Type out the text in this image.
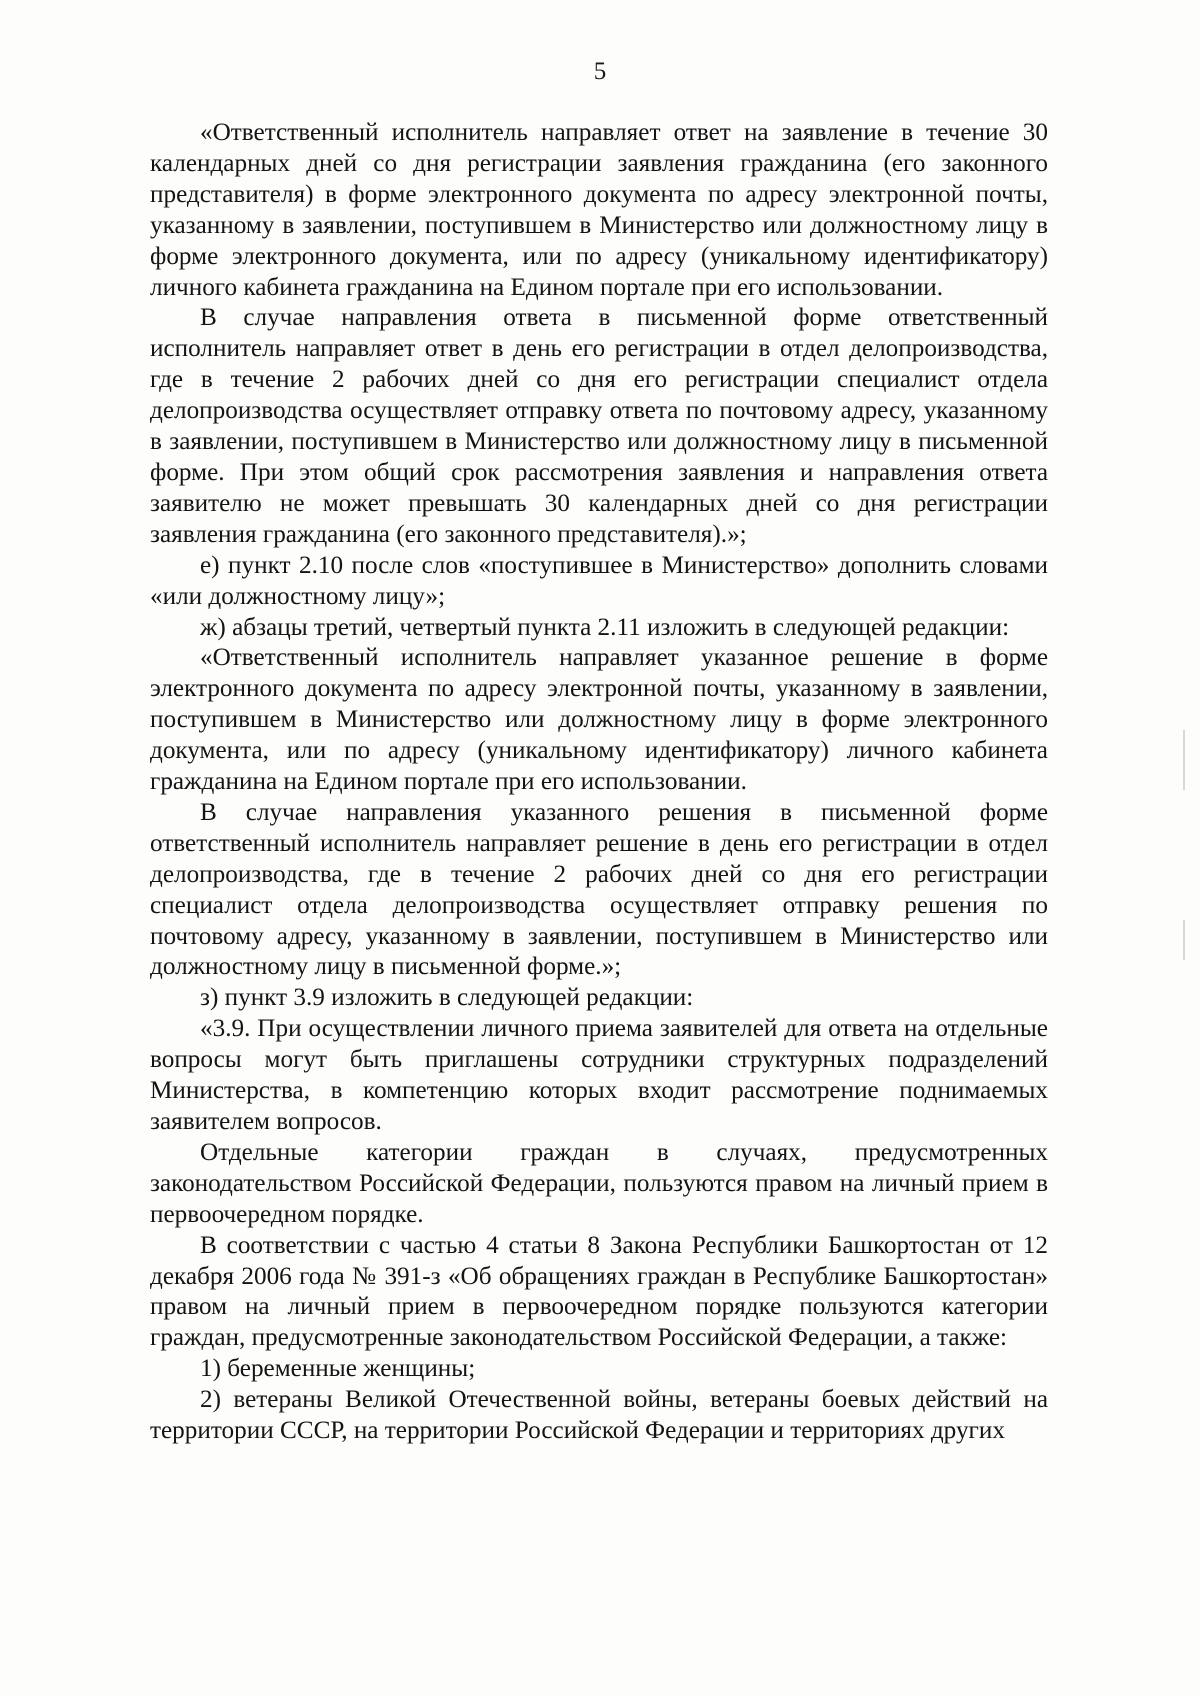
5

«Ответственный исполнитель направляет ответ на заявление в течение 30 календарных дней со дня регистрации заявления гражданина (его законного представителя) в форме электронного документа по адресу электронной почты, указанному в заявлении, поступившем в Министерство или должностному лицу в форме электронного документа, или по адресу (уникальному идентификатору) личного кабинета гражданина на Едином портале при его использовании.

В случае направления ответа в письменной форме ответственный исполнитель направляет ответ в день его регистрации в отдел делопроизводства, где в течение 2 рабочих дней со дня его регистрации специалист отдела делопроизводства осуществляет отправку ответа по почтовому адресу, указанному в заявлении, поступившем в Министерство или должностному лицу в письменной форме. При этом общий срок рассмотрения заявления и направления ответа заявителю не может превышать 30 календарных дней со дня регистрации заявления гражданина (его законного представителя).»;

е) пункт 2.10 после слов «поступившее в Министерство» дополнить словами «или должностному лицу»;

ж) абзацы третий, четвертый пункта 2.11 изложить в следующей редакции:

«Ответственный исполнитель направляет указанное решение в форме электронного документа по адресу электронной почты, указанному в заявлении, поступившем в Министерство или должностному лицу в форме электронного документа, или по адресу (уникальному идентификатору) личного кабинета гражданина на Едином портале при его использовании.

В случае направления указанного решения в письменной форме ответственный исполнитель направляет решение в день его регистрации в отдел делопроизводства, где в течение 2 рабочих дней со дня его регистрации специалист отдела делопроизводства осуществляет отправку решения по почтовому адресу, указанному в заявлении, поступившем в Министерство или должностному лицу в письменной форме.»;

з) пункт 3.9 изложить в следующей редакции:

«3.9. При осуществлении личного приема заявителей для ответа на отдельные вопросы могут быть приглашены сотрудники структурных подразделений Министерства, в компетенцию которых входит рассмотрение поднимаемых заявителем вопросов.

Отдельные категории граждан в случаях, предусмотренных законодательством Российской Федерации, пользуются правом на личный прием в первоочередном порядке.

В соответствии с частью 4 статьи 8 Закона Республики Башкортостан от 12 декабря 2006 года № 391-з «Об обращениях граждан в Республике Башкортостан» правом на личный прием в первоочередном порядке пользуются категории граждан, предусмотренные законодательством Российской Федерации, а также:

1) беременные женщины;

2) ветераны Великой Отечественной войны, ветераны боевых действий на территории СССР, на территории Российской Федерации и территориях других
